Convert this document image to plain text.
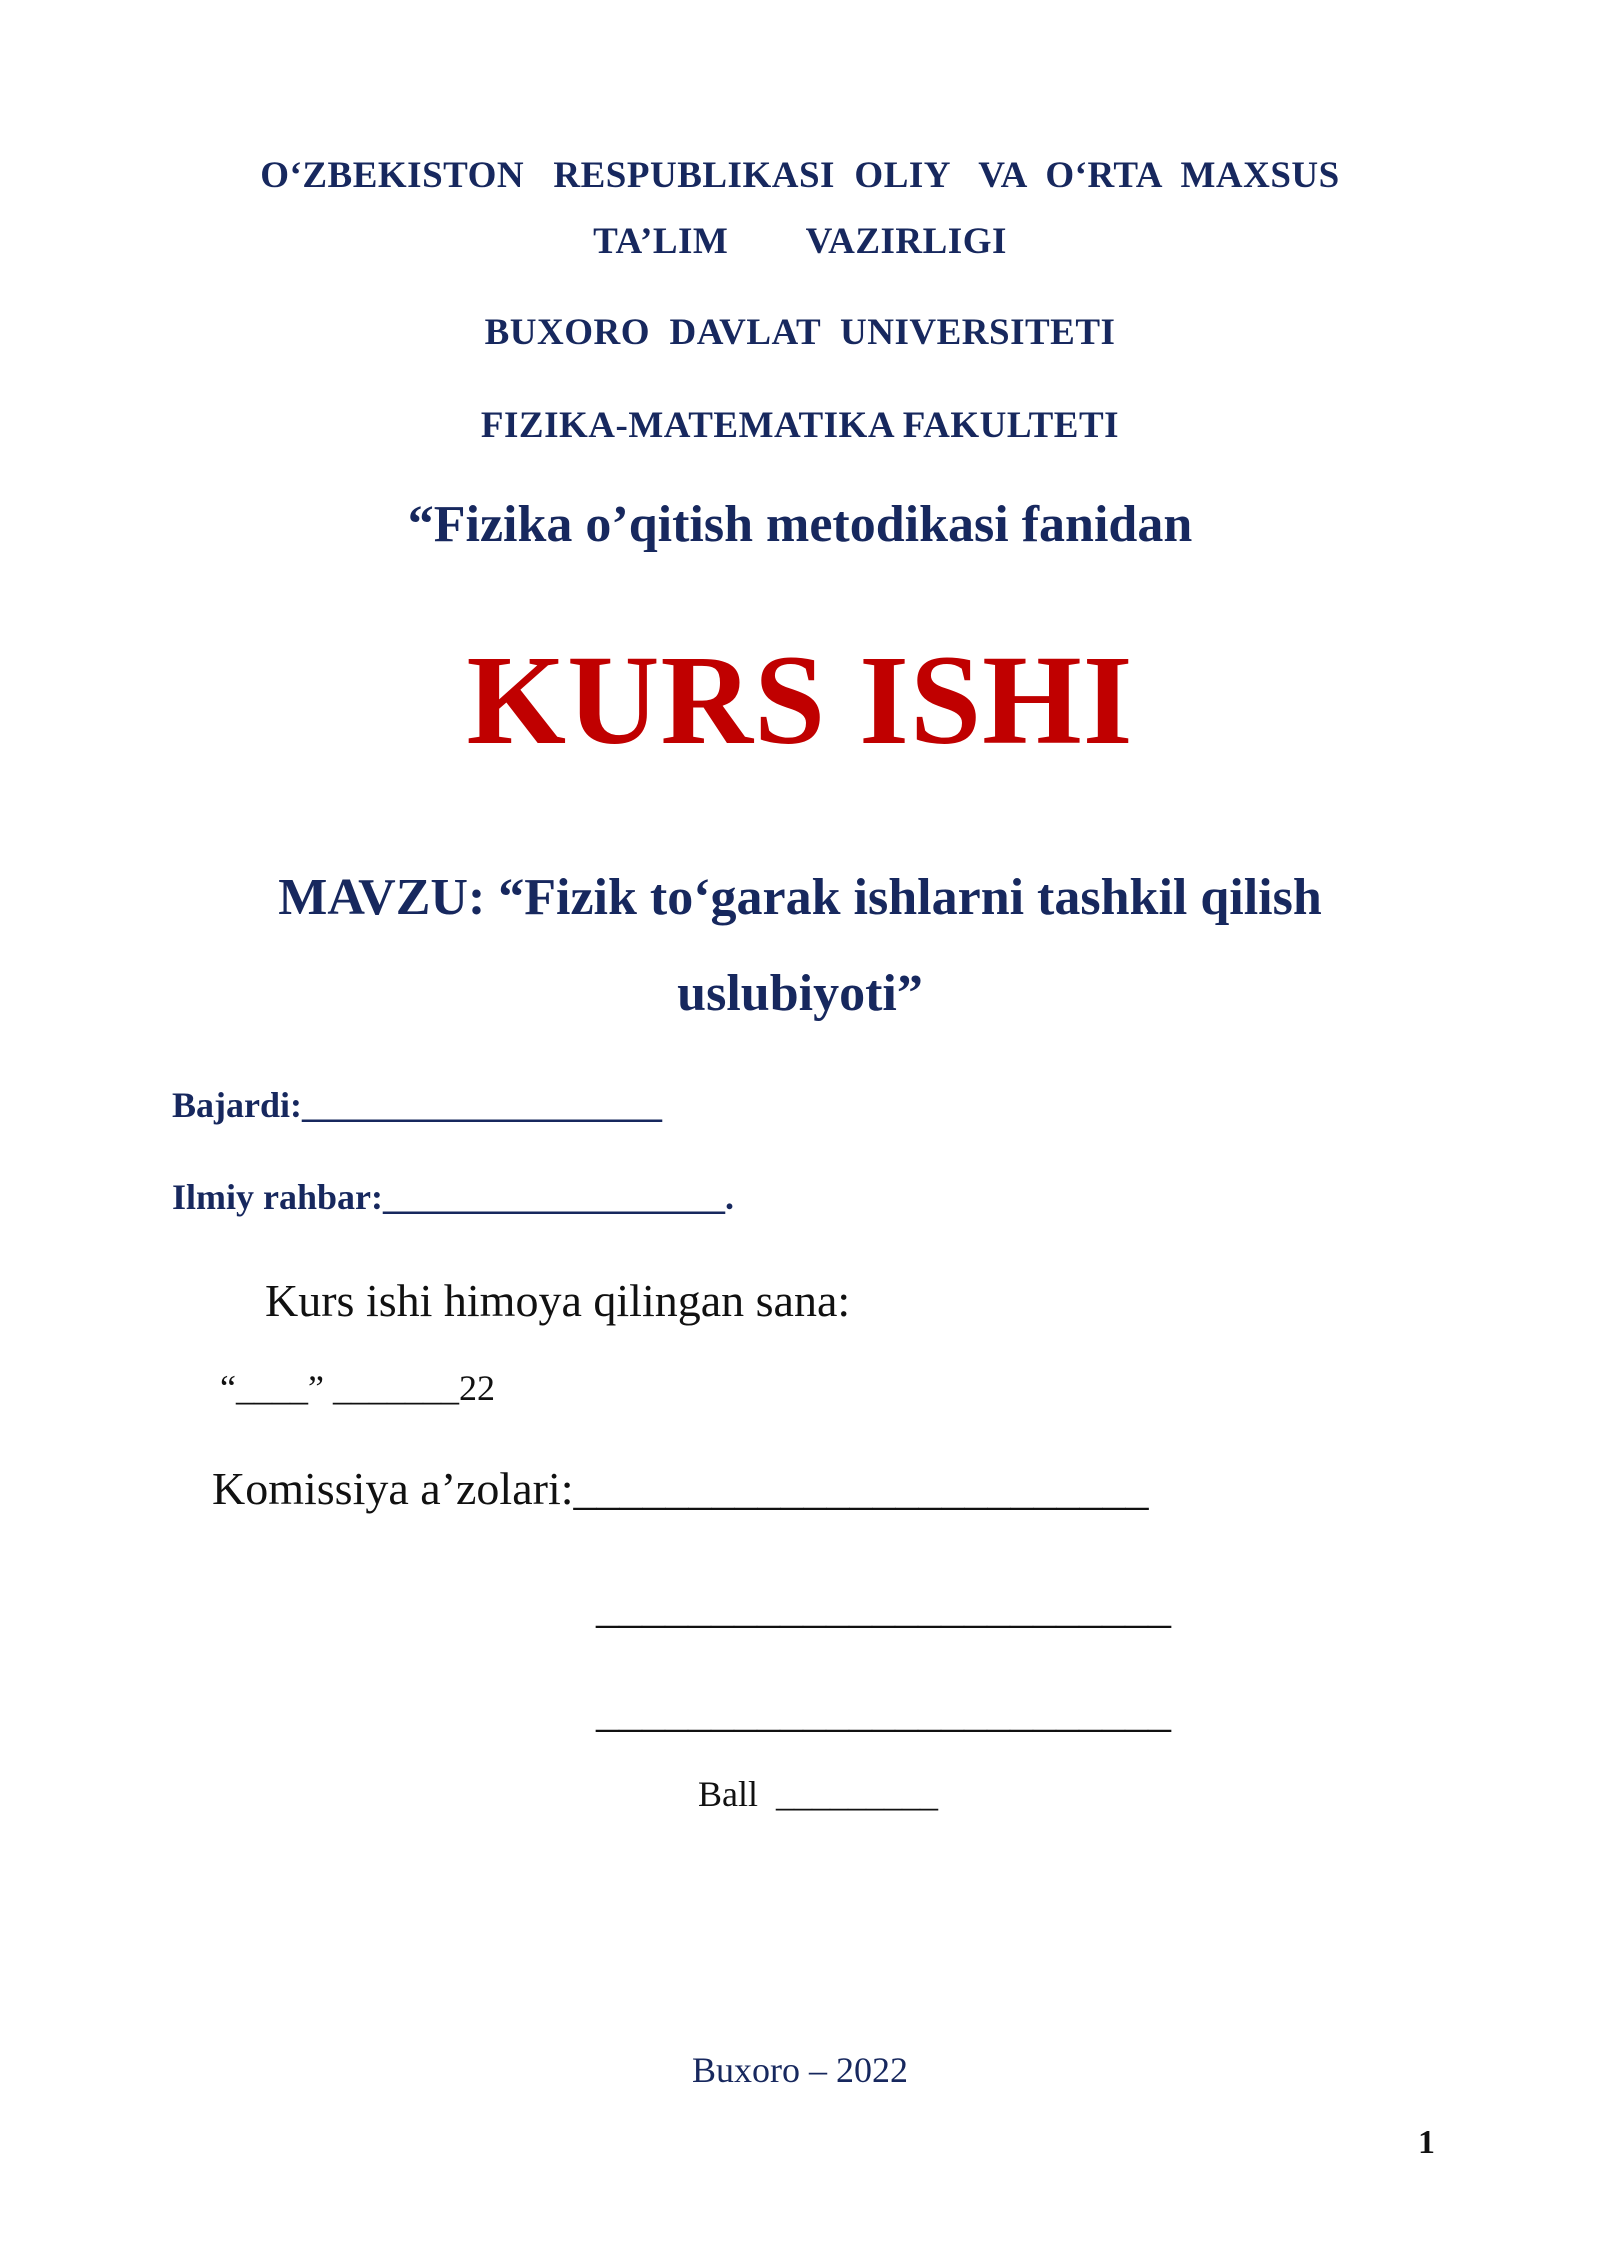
O‘ZBEKISTON   RESPUBLIKASI  OLIY   VA  O‘RTA  MAXSUS
TA’LIM        VAZIRLIGI
BUXORO  DAVLAT  UNIVERSITETI
FIZIKA-MATEMATIKA FAKULTETI
“Fizika o’qitish metodikasi fanidan
KURS ISHI
MAVZU: “Fizik to‘garak ishlarni tashkil qilish
uslubiyoti”
Bajardi:____________________
Ilmiy rahbar:___________________.
Kurs ishi himoya qilingan sana:
“____” _______22
Komissiya a’zolari:_________________________
_________________________
_________________________
Ball  _________
Buxoro – 2022
1
